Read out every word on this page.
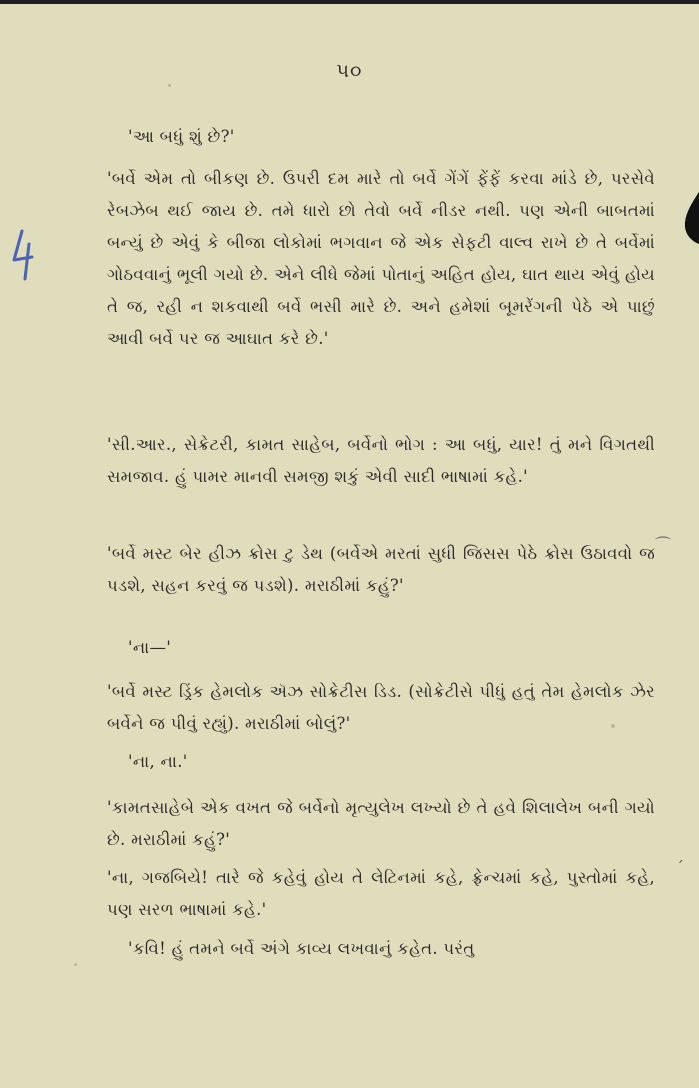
૫૦
⌒
ˊ

'આ બધું શું છે?'

'બર્વે એમ તો બીકણ છે. ઉપરી દમ મારે તો બર્વે ગેંગેં ફેંફેં કરવા માંડે છે, પરસેવે રેબઝેબ થઈ જાય છે. તમે ધારો છો તેવો બર્વે નીડર નથી. પણ એની બાબતમાં બન્યું છે એવું કે બીજા લોકોમાં ભગવાન જે એક સેફટી વાલ્વ રાખે છે તે બર્વેમાં ગોઠવવાનું ભૂલી ગયો છે. એને લીધે જેમાં પોતાનું અહિત હોય, ઘાત થાય એવું હોય તે જ, રહી ન શકવાથી બર્વે ભસી મારે છે. અને હમેશાં બૂમરેંગની પેઠે એ પાછું આવી બર્વે પર જ આઘાત કરે છે.'

'સી.આર., સેક્રેટરી, કામત સાહેબ, બર્વેનો ભોગ : આ બધું, યાર! તું મને વિગતથી સમજાવ. હું પામર માનવી સમજી શકું એવી સાદી ભાષામાં કહે.'

'બર્વે મસ્ટ બેર હીઝ ક્રોસ ટુ ડેથ (બર્વેએ મરતાં સુધી જિસસ પેઠે ક્રોસ ઉઠાવવો જ પડશે, સહન કરવું જ પડશે). મરાઠીમાં કહું?'

'ના—'

'બર્વે મસ્ટ ડ્રિંક હેમલોક ઍઝ સોક્રેટીસ ડિડ. (સોક્રેટીસે પીધું હતું તેમ હેમલોક ઝેર બર્વેને જ પીવું રહ્યું). મરાઠીમાં બોલું?'

'ના, ના.'

'કામતસાહેબે એક વખત જે બર્વેનો મૃત્યુલેખ લખ્યો છે તે હવે શિલાલેખ બની ગયો છે. મરાઠીમાં કહું?'

'ના, ગજબિયે! તારે જે કહેવું હોય તે લેટિનમાં કહે, ફ્રેન્ચમાં કહે, પુસ્તોમાં કહે, પણ સરળ ભાષામાં કહે.'

'કવિ! હું તમને બર્વે અંગે કાવ્ય લખવાનું કહેત. પરંતુ
